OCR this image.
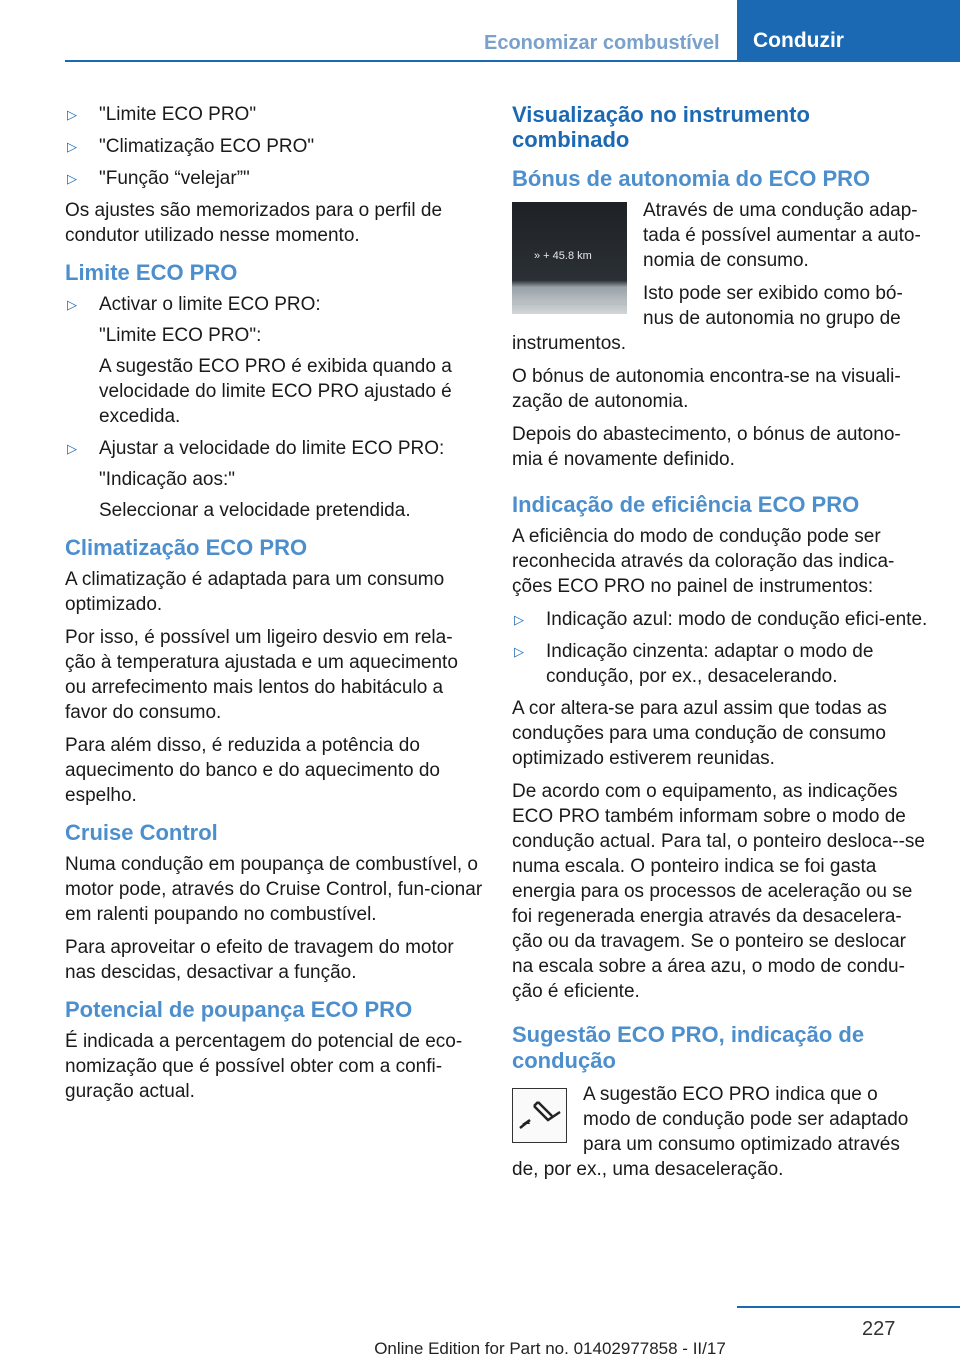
Economizar combustível	Conduzir
▷ "Limite ECO PRO"
▷ "Climatização ECO PRO"
▷ "Função “velejar”"

Os ajustes são memorizados para o perfil de condutor utilizado nesse momento.

Limite ECO PRO
▷ Activar o limite ECO PRO:

"Limite ECO PRO":

A sugestão ECO PRO é exibida quando a velocidade do limite ECO PRO ajustado é excedida.

▷ Ajustar a velocidade do limite ECO PRO:

"Indicação aos:"

Seleccionar a velocidade pretendida.

Climatização ECO PRO

A climatização é adaptada para um consumo optimizado.

Por isso, é possível um ligeiro desvio em rela-ção à temperatura ajustada e um aquecimento ou arrefecimento mais lentos do habitáculo a favor do consumo.

Para além disso, é reduzida a potência do aquecimento do banco e do aquecimento do espelho.

Cruise Control

Numa condução em poupança de combustível, o motor pode, através do Cruise Control, fun-cionar em ralenti poupando no combustível.

Para aproveitar o efeito de travagem do motor nas descidas, desactivar a função.

Potencial de poupança ECO PRO

É indicada a percentagem do potencial de eco-nomização que é possível obter com a confi-guração actual.

Visualização no instrumento combinado
Bónus de autonomia do ECO PRO
» + 45.8 km

Através de uma condução adap-tada é possível aumentar a auto-nomia de consumo.

Isto pode ser exibido como bó-nus de autonomia no grupo de instrumentos.

O bónus de autonomia encontra-se na visuali-zação de autonomia.

Depois do abastecimento, o bónus de autono-mia é novamente definido.

Indicação de eficiência ECO PRO

A eficiência do modo de condução pode ser reconhecida através da coloração das indica-ções ECO PRO no painel de instrumentos:

▷ Indicação azul: modo de condução efici-ente.
▷ Indicação cinzenta: adaptar o modo de condução, por ex., desacelerando.

A cor altera-se para azul assim que todas as conduções para uma condução de consumo optimizado estiverem reunidas.

De acordo com o equipamento, as indicações ECO PRO também informam sobre o modo de condução actual. Para tal, o ponteiro desloca--se numa escala. O ponteiro indica se foi gasta energia para os processos de aceleração ou se foi regenerada energia através da desacelera-ção ou da travagem. Se o ponteiro se deslocar na escala sobre a área azu, o modo de condu-ção é eficiente.

Sugestão ECO PRO, indicação de condução

A sugestão ECO PRO indica que o modo de condução pode ser adaptado para um consumo optimizado através de, por ex., uma desaceleração.

227
Online Edition for Part no. 01402977858 - II/17
